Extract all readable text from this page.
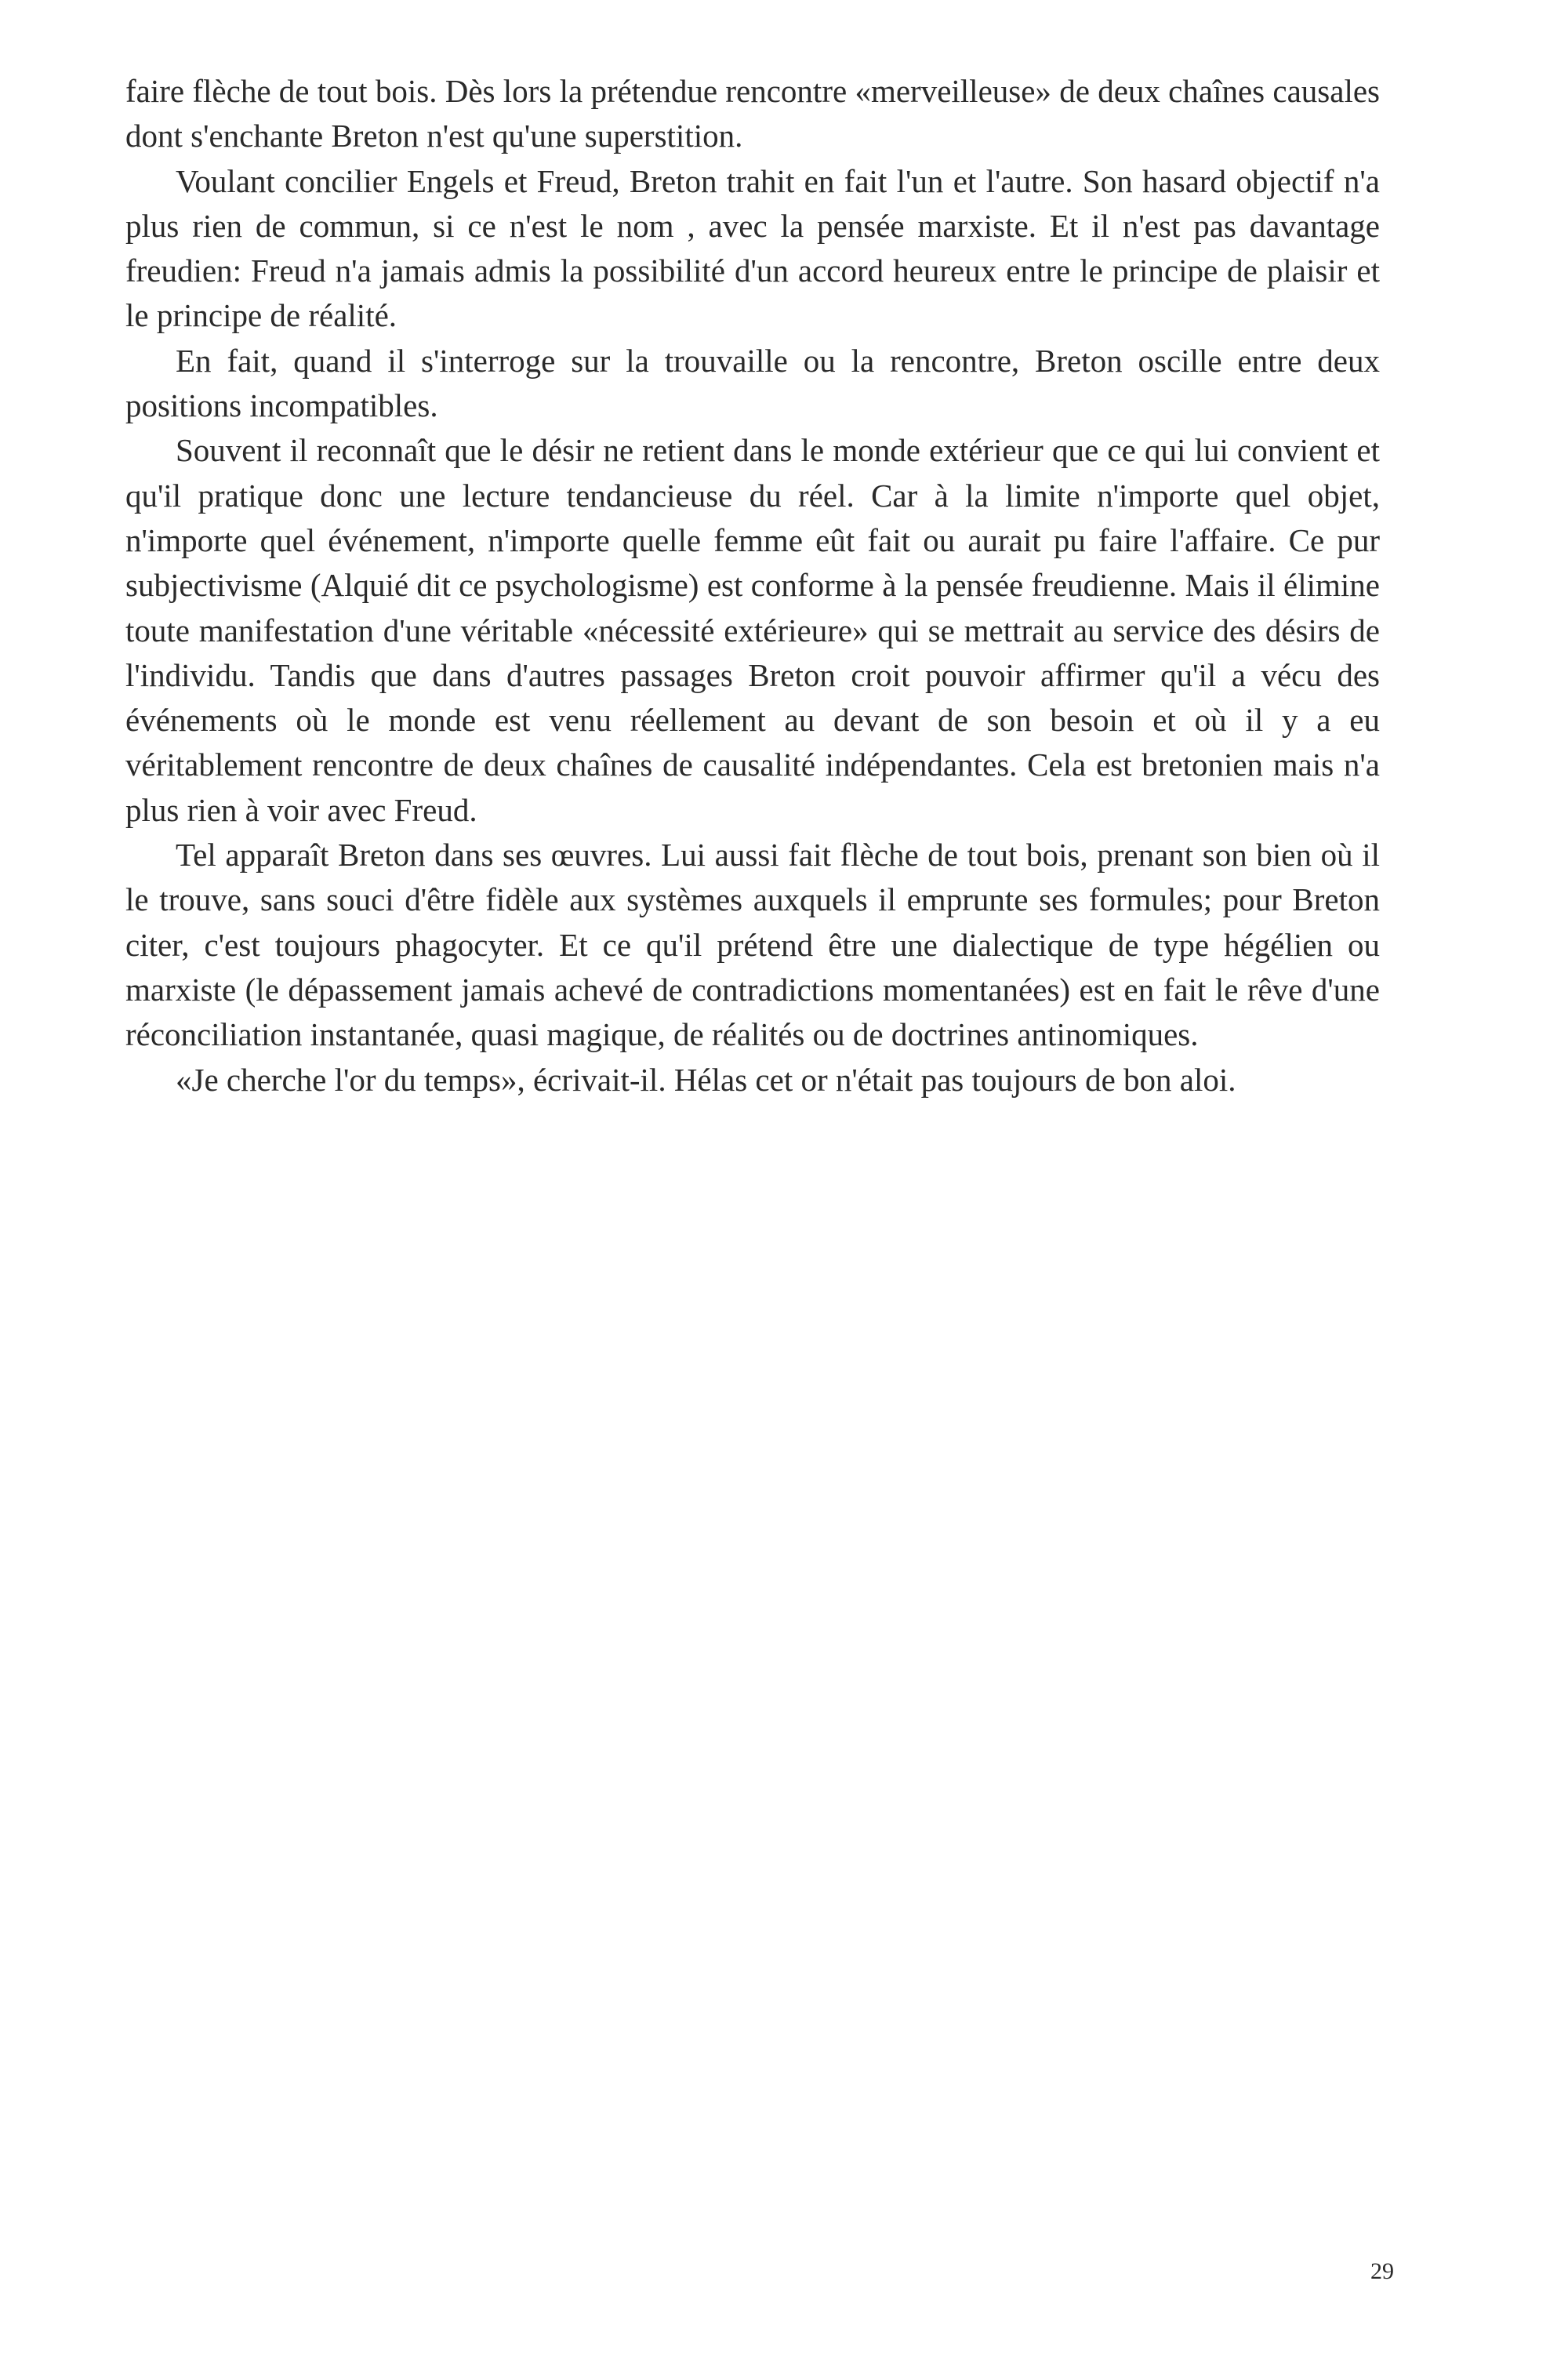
faire flèche de tout bois. Dès lors la prétendue rencontre «merveilleuse» de deux chaînes causales dont s'enchante Breton n'est qu'une superstition.

Voulant concilier Engels et Freud, Breton trahit en fait l'un et l'autre. Son hasard objectif n'a plus rien de commun, si ce n'est le nom , avec la pensée marxiste. Et il n'est pas davantage freudien: Freud n'a jamais admis la possibilité d'un accord heureux entre le principe de plaisir et le principe de réalité.

En fait, quand il s'interroge sur la trouvaille ou la rencontre, Breton oscille entre deux positions incompatibles.

Souvent il reconnaît que le désir ne retient dans le monde extérieur que ce qui lui convient et qu'il pratique donc une lecture tendancieuse du réel. Car à la limite n'importe quel objet, n'importe quel événement, n'importe quelle femme eût fait ou aurait pu faire l'affaire. Ce pur subjectivisme (Alquié dit ce psychologisme) est conforme à la pensée freudienne. Mais il élimine toute manifestation d'une véritable «nécessité extérieure» qui se mettrait au service des désirs de l'individu. Tandis que dans d'autres passages Breton croit pouvoir affirmer qu'il a vécu des événements où le monde est venu réellement au devant de son besoin et où il y a eu véritablement rencontre de deux chaînes de causalité indépendantes. Cela est bretonien mais n'a plus rien à voir avec Freud.

Tel apparaît Breton dans ses œuvres. Lui aussi fait flèche de tout bois, prenant son bien où il le trouve, sans souci d'être fidèle aux systèmes auxquels il emprunte ses formules; pour Breton citer, c'est toujours phagocyter. Et ce qu'il prétend être une dialectique de type hégélien ou marxiste (le dépassement jamais achevé de contradictions momentanées) est en fait le rêve d'une réconciliation instantanée, quasi magique, de réalités ou de doctrines antinomiques.

«Je cherche l'or du temps», écrivait-il. Hélas cet or n'était pas toujours de bon aloi.

29
